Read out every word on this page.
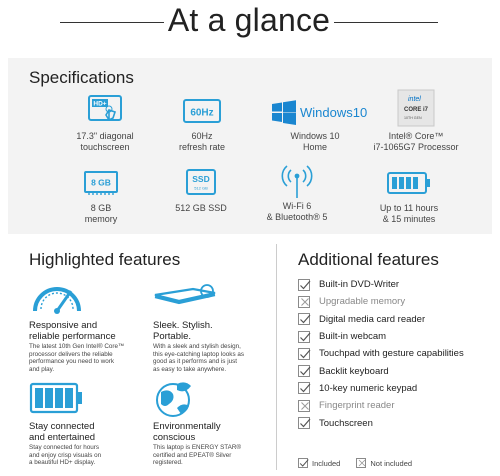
At a glance
Specifications
HD+
17.3" diagonal
touchscreen
60Hz
60Hz
refresh rate
Windows10
Windows 10
Home
intel
CORE i7
10TH GEN
Intel® Core™
i7-1065G7 Processor
8 GB
8 GB
memory
SSD
512 GB
512 GB SSD	Wi-Fi 6
& Bluetooth® 5
Up to 11 hours
& 15 minutes
Highlighted features
Responsive and
reliable performance
The latest 10th Gen Intel® Core™
processor delivers the reliable
performance you need to work
and play.
Sleek. Stylish.
Portable.
With a sleek and stylish design,
this eye-catching laptop looks as
good as it performs and is just
as easy to take anywhere.
Stay connected
and entertained
Stay connected for hours
and enjoy crisp visuals on
a beautiful HD+ display.
Environmentally
conscious
This laptop is ENERGY STAR®
certified and EPEAT® Silver
registered.
Additional features
Built-in DVD-Writer
Upgradable memory
Digital media card reader
Built-in webcam
Touchpad with gesture capabilities
Backlit keyboard
10-key numeric keypad
Fingerprint reader
Touchscreen
Included	Not included
